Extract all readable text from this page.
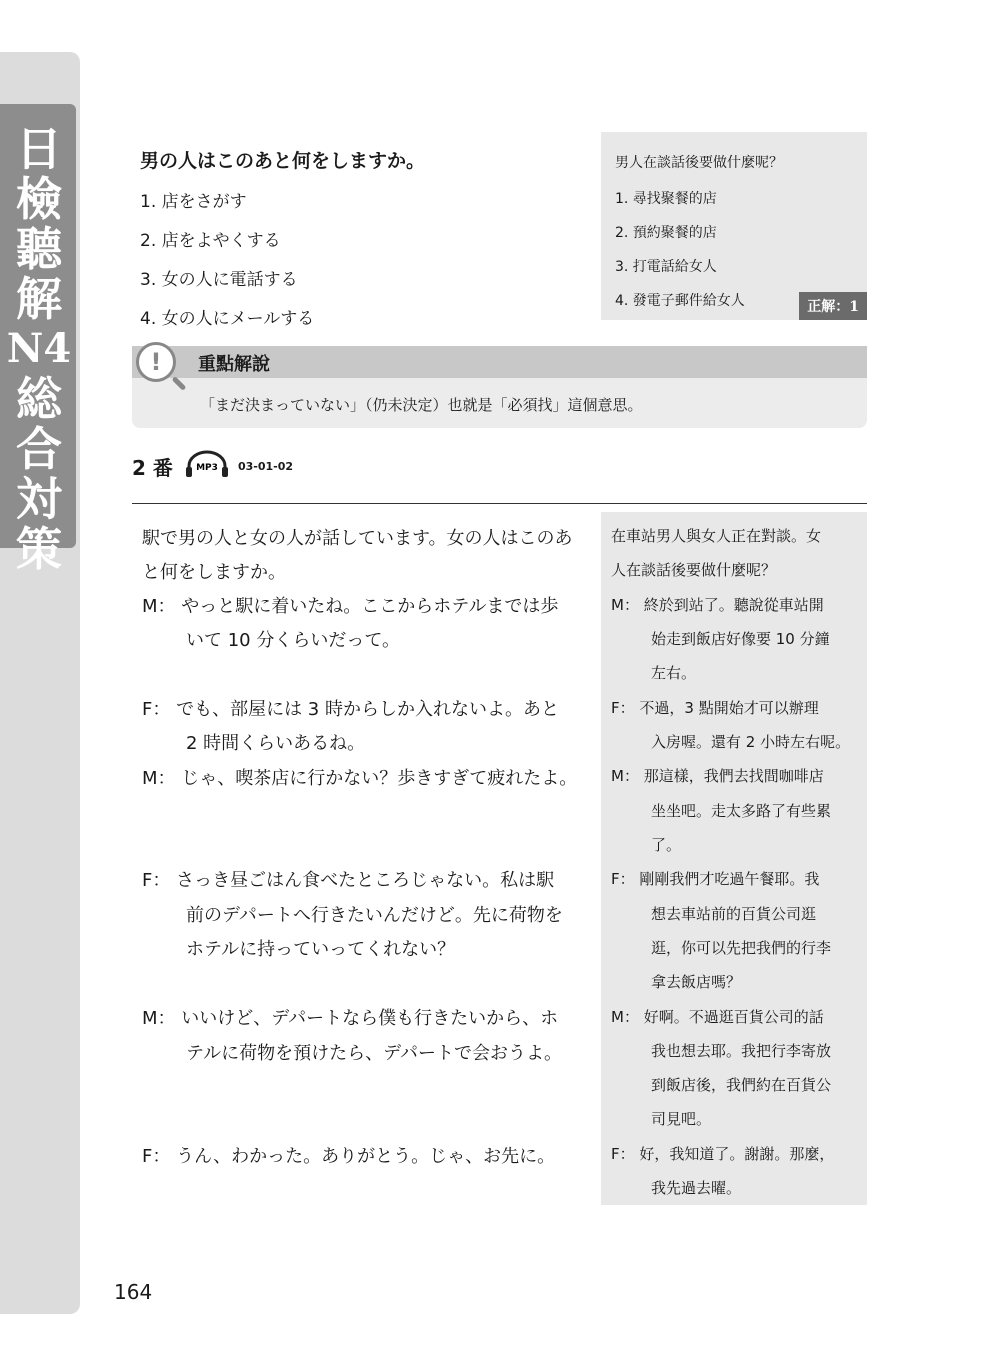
日
檢
聽
解
N4
総
合
対
策
男の人はこのあと何をしますか。
1. 店をさがす
2. 店をよやくする
3. 女の人に電話する
4. 女の人にメールする
男人在談話後要做什麼呢？
1. 尋找聚餐的店
2. 預約聚餐的店
3. 打電話給女人
4. 發電子郵件給女人	正解：1
!	重點解說
「まだ決まっていない」（仍未決定）也就是「必須找」這個意思。
2 番	MP3 03-01-02
駅で男の人と女の人が話しています。女の人はこのあ
と何をしますか。
M： やっと駅に着いたね。ここからホテルまでは歩
いて 10 分くらいだって。
F： でも、部屋には 3 時からしか入れないよ。あと
2 時間くらいあるね。
M： じゃ、喫茶店に行かない？歩きすぎて疲れたよ。
F： さっき昼ごはん食べたところじゃない。私は駅
前のデパートへ行きたいんだけど。先に荷物を
ホテルに持っていってくれない？
M： いいけど、デパートなら僕も行きたいから、ホ
テルに荷物を預けたら、デパートで会おうよ。
F： うん、わかった。ありがとう。じゃ、お先に。
在車站男人與女人正在對談。女
人在談話後要做什麼呢？
M： 終於到站了。聽說從車站開
始走到飯店好像要 10 分鐘
左右。
F： 不過，3 點開始才可以辦理
入房喔。還有 2 小時左右呢。
M： 那這樣，我們去找間咖啡店
坐坐吧。走太多路了有些累
了。
F： 剛剛我們才吃過午餐耶。我
想去車站前的百貨公司逛
逛，你可以先把我們的行李
拿去飯店嗎？
M： 好啊。不過逛百貨公司的話
我也想去耶。我把行李寄放
到飯店後，我們約在百貨公
司見吧。
F： 好，我知道了。謝謝。那麼，
我先過去曜。
164
